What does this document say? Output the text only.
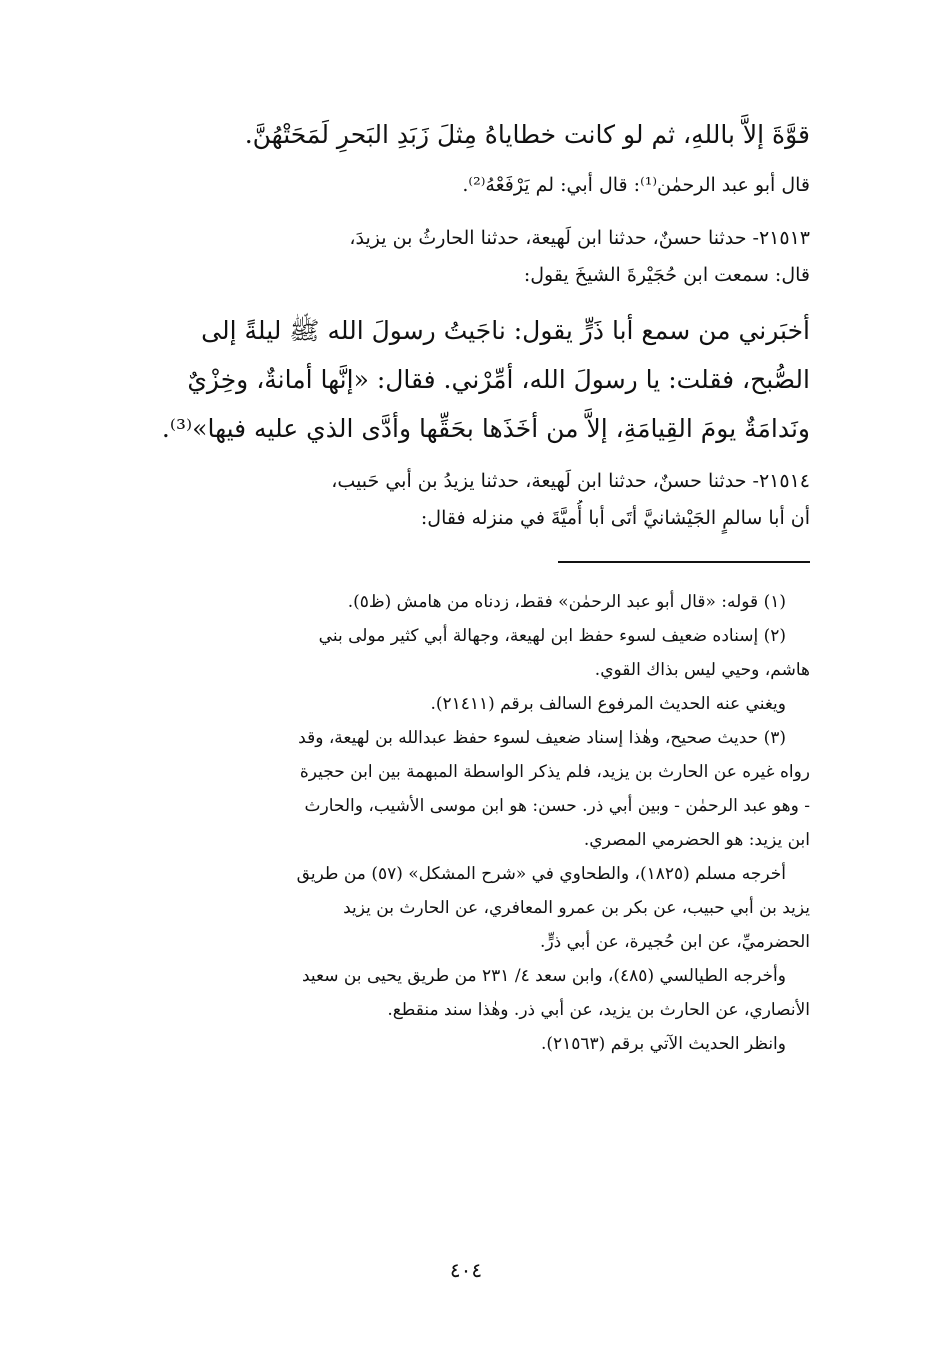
قوَّةَ إلاَّ باللهِ، ثم لو كانت خطاياهُ مِثلَ زَبَدِ البَحرِ لَمَحَتْهُنَّ.
قال أبو عبد الرحمٰن⁽¹⁾: قال أبي: لم يَرْفَعْهُ⁽²⁾.
٢١٥١٣- حدثنا حسنٌ، حدثنا ابن لَهيعة، حدثنا الحارثُ بن يزيدَ،
قال: سمعت ابن حُجَيْرةَ الشيخَ يقول:
أخبَرني من سمع أبا ذَرٍّ يقول: ناجَيتُ رسولَ الله ﷺ ليلةً إلى
الصُّبح، فقلت: يا رسولَ الله، أمِّرْني. فقال: «إنَّها أمانةٌ، وخِزْيٌ
ونَدامَةٌ يومَ القِيامَةِ، إلاَّ من أخَذَها بحَقِّها وأدَّى الذي عليه فيها»⁽³⁾.
٢١٥١٤- حدثنا حسنٌ، حدثنا ابن لَهيعة، حدثنا يزيدُ بن أبي حَبيب،
أن أبا سالمٍ الجَيْشانيَّ أتَى أبا أُميَّةَ في منزله فقال:
(١) قوله: «قال أبو عبد الرحمٰن» فقط، زدناه من هامش (ظ٥).
(٢) إسناده ضعيف لسوء حفظ ابن لهيعة، وجهالة أبي كثير مولى بني
هاشم، وحيي ليس بذاك القوي.
ويغني عنه الحديث المرفوع السالف برقم (٢١٤١١).
(٣) حديث صحيح، وهٰذا إسناد ضعيف لسوء حفظ عبدالله بن لهيعة، وقد
رواه غيره عن الحارث بن يزيد، فلم يذكر الواسطة المبهمة بين ابن حجيرة
- وهو عبد الرحمٰن - وبين أبي ذر. حسن: هو ابن موسى الأشيب، والحارث
ابن يزيد: هو الحضرمي المصري.
أخرجه مسلم (١٨٢٥)، والطحاوي في «شرح المشكل» (٥٧) من طريق
يزيد بن أبي حبيب، عن بكر بن عمرو المعافري، عن الحارث بن يزيد
الحضرميِّ، عن ابن حُجيرة، عن أبي ذرٍّ.
وأخرجه الطيالسي (٤٨٥)، وابن سعد ٤/ ٢٣١ من طريق يحيى بن سعيد
الأنصاري، عن الحارث بن يزيد، عن أبي ذر. وهٰذا سند منقطع.
وانظر الحديث الآتي برقم (٢١٥٦٣).
٤٠٤
